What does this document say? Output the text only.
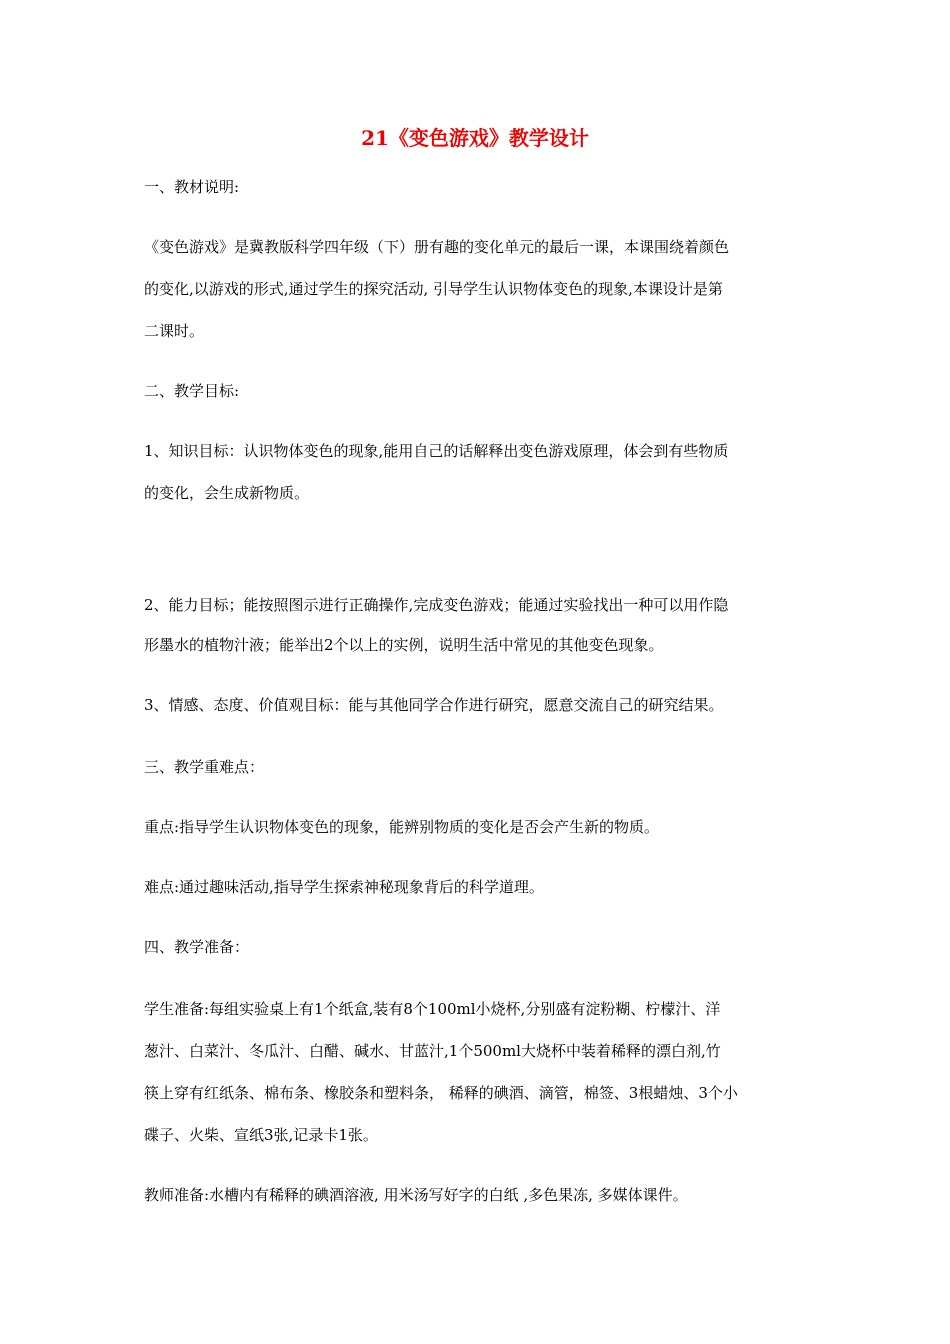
21《变色游戏》教学设计
一、教材说明:
《变色游戏》是冀教版科学四年级（下）册有趣的变化单元的最后一课，本课围绕着颜色
的变化,以游戏的形式,通过学生的探究活动, 引导学生认识物体变色的现象,本课设计是第
二课时。
二、教学目标:
1、知识目标：认识物体变色的现象,能用自己的话解释出变色游戏原理，体会到有些物质
的变化，会生成新物质。
2、能力目标；能按照图示进行正确操作,完成变色游戏；能通过实验找出一种可以用作隐
形墨水的植物汁液；能举出2个以上的实例，说明生活中常见的其他变色现象。
3、情感、态度、价值观目标：能与其他同学合作进行研究，愿意交流自己的研究结果。
三、教学重难点：
重点:指导学生认识物体变色的现象，能辨别物质的变化是否会产生新的物质。
难点:通过趣味活动,指导学生探索神秘现象背后的科学道理。
四、教学准备：
学生准备:每组实验桌上有1个纸盒,装有8个100ml小烧杯,分别盛有淀粉糊、柠檬汁、洋
葱汁、白菜汁、冬瓜汁、白醋、碱水、甘蓝汁,1个500ml大烧杯中装着稀释的漂白剂,竹
筷上穿有红纸条、棉布条、橡胶条和塑料条， 稀释的碘酒、滴管，棉签、3根蜡烛、3个小
碟子、火柴、宣纸3张,记录卡1张。
教师准备:水槽内有稀释的碘酒溶液, 用米汤写好字的白纸 ,多色果冻, 多媒体课件。
